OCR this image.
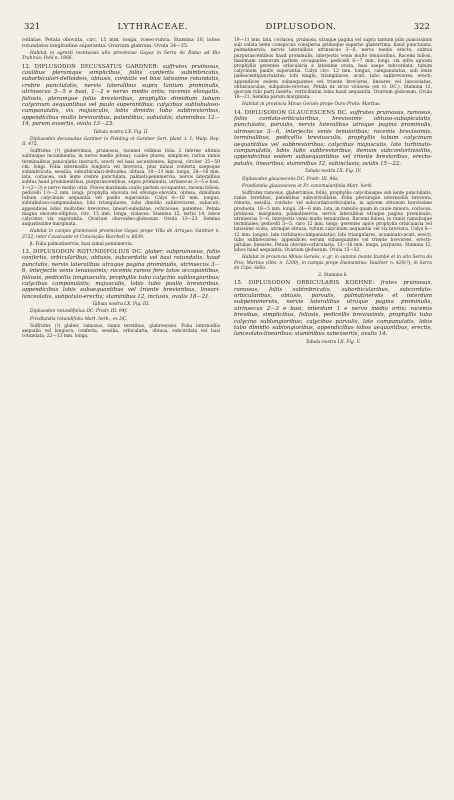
321	LYTHRACEAE.	DIPLUSODON.	322

rollatae. Petala obovata, circ. 15 mm. longa, roseo-rubra. Stamina 18, lobos rotundatos longitudine superantia. Ovarium glabrum. Ovula 24—25.

Habitat in agresti montuosis alto provinciae Goyaz in Serra de Ridao ad Rio Trahiras: Pohl n. 1866.

12. DIPLUSODON DECUSSATUS GARDNER: suffrutex pruinosus, caulibus plerumque simplicibus, foliis confertis subimbricatis, suborbiculari-deltoideis, obtusis, cordatis vel basi latissime rotundatis, crebre punctulatis, nervis lateralibus supra tantum prominulis, utrinsecus 3—5 e basi, 1—2 e nervo medio ortis; racemis elongatis, foliosis, plerumque foliis brevioribus, prophyllis dimidium tubum calycinum aequantibus vel paulo superantibus; calycibus subtubuloso-campanulatis, vix majusculis, lobis dimidio tubo subbrevioribus, appendicibus multo brevioribus, patentibus, subulatis; staminibus 12—14, parum exsertis, ovula 13—23.

Tabula nostra LX. Fig. II.

Diplusodon decussatus Gardner in Fielding et Gardner Sert. plant. t. 1; Walp. Rep. II. 475.

Suffrutex (?) glaberrimus, pruinosus, (nonnel vidimus folia 2 inferne ultimis subtusque incumbentia, in nervo medio pilosa); caules plures, simplices, rarius ramis terminalibus paniculatis instructi, erecti vel basi ascendentes, lignosi, circiter 25—50 cm. longi. Folia internodiis longiora vel breviora, plus minus conferta saepeque subimbricata, sessilia, suborbiculari-deltoidea, obtusa, 10—13 mm. longa, 28—16 mm. lata, coriacea, sub lente crebre punctulata, palmati-penninervia, nervis lateralibus subtus haud prominentibus, purpurascentibus, supra prominulis, utrinsecus 3—5 e basi, 1—(2—3) e nervo medio ortis. Flores maximam caulis partem occupantes, racemi foliosi; pedicelli 1½—2 mm. longi; prophylla obovata vel oblongo-obovata, obtusa, dimidium tubum calycinum aequantia vel paullo superantia. Calyx 8—10 mm. longus, subtubuloso-campanulatus; lobi triangulares, tubo dimidio subbreviores, subacuti; appendices lobis multoties breviores, lineari-subulatae, ochraceae, patentes. Petala magna obovato-elliptica, circ. 15 mm. longa, violacea. Stamina 12, tertia 14, lobos calycinos vix superantia. Ovarium obovoideo-globosum. Ovula 13—23. Semina augustissime marginata.

Habitat in campis graminosis provinciae Goyaz prope Villa de Arrayas: Gardner n. 3722; inter Cavalcante et Conceição: Burchell n. 8039.

β. Folia palmatinervia, basi simul penninervia.

13. DIPLUSODON ROTUNDIFOLIUS DC. glaber, subpruinosus, foliis confertis, orbicularibus, obtusis, subcordatis vel basi rotundatis, haud punctatis, nervis lateralibus utraque pagina prominulis, utrinsecus 3—6, interjectis venis tenuissimis; racemis ramos fere totos occupantibus, foliosis, pedicellis longiusculis, prophyllis tubo calycino sublongioribus; calycibus campanulatis, majusculis, lobis tubo paullo brevioribus, appendicibus lobis subaequantibus vel triente brevioribus, lineari-lanceolatis, subpatulo-erectis; staminibus 12, inclusis, ovulis 18—21.

Tabula nostra LX. Fig. III.

Diplusodon rotundifolius DC. Prodr. III. 94f.

Friedlandia rotundifolia Mart. herb., ex DC.

Suffrutex (?) glaber, ramosus, ramis teretibus, glabrescens. Folia internodiis aequalia vel longiora, conferta, sessilia, orbicularia, obtusa, subcordata vel basi rotundata, 22—13 mm. longa,

19—11 mm. lata, coriacea, pruinosa, utraque pagina vel supra tantum pilis paucissimis sub valida lente conspicuis conspersa primoque superne glaberrima, haud punctulata, palmatinervia, nervis lateralibus utrinsecus 3—6, nervo medio erecto, subtus purpurascentibus haud prominulis, interjectis venis multo tenuioribus. Racemi foliosi, maximam ramorum partem occupantes; pedicelli 6—7 mm. longi, vix infra apicem prophyllis gerentes orbicularia a latissime ovata, basi saepe subcordata, tubum calycinum paullo superantia. Calyx circ. 12 mm. longus, campanulatus, sub lente pallescentipunctulatus; lobi magni, triangulares, acuti, tubo subbreviores, erecti; appendices eodem subaequantes vel triente breviores, lineares vel lanceolatae, obtusiusculae, subpatulo-erectae. Petala ex sicco violacea (ex cl. DC.). Stamina 12, quorum tubi parti inserta, verticillatim lobis haud aequantia. Ovarium globosum. Ovula 18—21. Semina parum marginata.

Habitat in provincia Minas Geraës prope Ouro Preto: Martius.

14. DIPLUSODON GLAUCESCENS DC. suffrutex pruinosus, ramosus, foliis cordato-orbicularibus, brevissime obtuso-subapiculatis, punctulatis, parvulis, nervis lateralibus utraque pagina prominulis, utrinsecus 3—6, interjectis venis tenuioribus; racemis brevissimis, terminalibus, pedicellis breviusculis, prophyllis tubum calycinum aequantibus vel subbrevioribus; calycibus majusculis, late turbinato-campanulatis, lobis tubo subbrevioribus, demum subcontortiviolitis, appendicibus eodem subaequantibus vel triente brevioribus, erecto-patulis, linearibus; staminibus 12, subinclusis, ovulis 15—22.

Tabula nostra LX. Fig. IV.

Diplusodon glaucescens DC. Prodr. III. 94a.

Friedlandia glaucescens et Fr. canomularifolia Mart. herb.

Suffrutex ramosus, glaberrimus, foliis, prophyllis calycibusque sub lente punctulatis, ramis teretibus, patentibus subvorticillatis. Folia plerumque internodiis breviora, remota, sessilia, cordato- vel subcordatoorbicularia, in apicem obtusum brevissime produeta, 18—5 mm. longa, 24—6 mm. lata, in ramulis quam in caule minora, coriacea, pruinosa, marginata, palmatinervia, nervis lateralibus utraque pagina prominulis, utrinsecus 3—6, interjectis venis multo tenuioribus. Racemi foliosi, in ramis ramulisque terminales; pedicelli 3—5, raro 12 mm. longi; gerentes apice prophylla orbicularia vel latissime ovata, utrinque obtusa, tubum calycinum aequantia vel vix breviora. Calyx 8—12 mm. longus, late turbinato-campanulatus; lobi triangulares, acuminato-acuti, erecti, tubo subbreviores; appendices eorum subaequantes vel triente breviores, erecto-patulae, lineares. Petala obovato-orbicularia, 13—16 mm. longa, purpurea. Stamina 12, lobos haud aequantia. Ovarium globosum. Ovula 15—22.

Habitat in provincia Minas Geraës, v. gr. in summo monte Itambé et in alto Serra do Frio: Martius (Obs. n. 1200); in campis prope Diamantina: Vauthier n. 420(?); in Serra do Cipó: Sello.

2. Stamina 6.

15. DIPLUSODON ORBICULARIS KOEHNE: frutex pruinosus, ramosus, foliis subimbricatis, suborbicularibus, subcordato-orbicularibus, obtusis, parvulis, palmatinerviis et interdum subpenninerviis, nervis lateralibus utraque pagina prominulis, utrinsecus 2—3 e basi, interdum 1 e nervo medio ortis; racemis brevibus, simplicibus, foliosis, pedicellis brevissimis, prophyllis tubo calycino sublongioribus; calycibus parvulis, late campanulatis, lobis tubo dimidio sublongioribus, appendicibus lobos aequantibus, erectis, lanceolato-linearibus; staminibus subexsertis, ovulis 14.

Tabula nostra LX. Fig. V.
